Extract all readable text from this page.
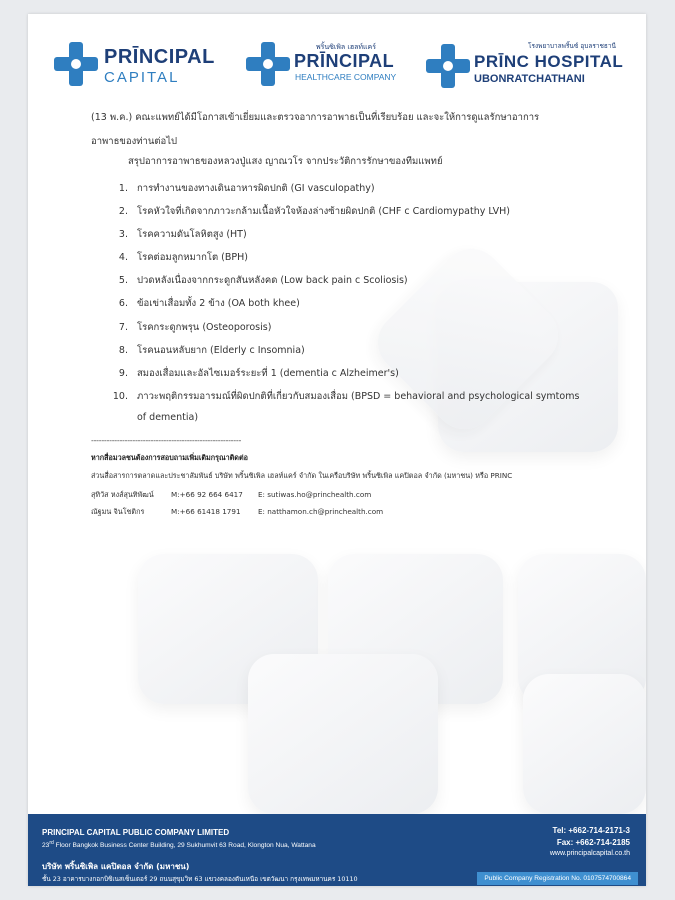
PRĪNCIPAL
CAPITAL
พริ้นซิเพิล เฮลท์แคร์
PRĪNCIPAL
HEALTHCARE COMPANY
โรงพยาบาลพริ้นซ์ อุบลราชธานี
PRĪNC HOSPITAL
UBONRATCHATHANI
(13 พ.ค.) คณะแพทย์ได้มีโอกาสเข้าเยี่ยมและตรวจอาการอาพาธเป็นที่เรียบร้อย และจะให้การดูแลรักษาอาการ
อาพาธของท่านต่อไป
สรุปอาการอาพาธของหลวงปู่แสง ญาณวโร จากประวัติการรักษาของทีมแพทย์
1. การทำงานของทางเดินอาหารผิดปกติ (GI vasculopathy)
2. โรคหัวใจที่เกิดจากภาวะกล้ามเนื้อหัวใจห้องล่างซ้ายผิดปกติ (CHF c Cardiomypathy LVH)
3. โรคความดันโลหิตสูง (HT)
4. โรคต่อมลูกหมากโต (BPH)
5. ปวดหลังเนื่องจากกระดูกสันหลังคด (Low back pain c Scoliosis)
6. ข้อเข่าเสื่อมทั้ง 2 ข้าง (OA both khee)
7. โรคกระดูกพรุน (Osteoporosis)
8. โรคนอนหลับยาก (Elderly c Insomnia)
9. สมองเสื่อมและอัลไซเมอร์ระยะที่ 1 (dementia c Alzheimer's)
10. ภาวะพฤติกรรมอารมณ์ที่ผิดปกติที่เกี่ยวกับสมองเสื่อม (BPSD = behavioral and psychological symtoms of dementia)
----------------------------------------------------------
หากสื่อมวลชนต้องการสอบถามเพิ่มเติมกรุณาติดต่อ
ส่วนสื่อสารการตลาดและประชาสัมพันธ์ บริษัท พริ้นซิเพิล เฮลท์แคร์ จำกัด ในเครือบริษัท พริ้นซิเพิล แคปิตอล จำกัด (มหาชน) หรือ PRINC
สุทิวัส หงส์สุนทิพัฒน์ M:+66 92 664 6417 E: sutiwas.ho@princhealth.com
ณัฐมน จินโชติกร	M:+66 61418 1791 E: natthamon.ch@princhealth.com
PRINCIPAL CAPITAL PUBLIC COMPANY LIMITED
23rd Floor Bangkok Business Center Building, 29 Sukhumvit 63 Road, Klongton Nua, Wattana
บริษัท พริ้นซิเพิล แคปิตอล จำกัด (มหาชน)
ชั้น 23 อาคารบางกอกบิซิเนสเซ็นเตอร์ 29 ถนนสุขุมวิท 63 แขวงคลองตันเหนือ เขตวัฒนา กรุงเทพมหานคร 10110
Tel: +662-714-2171-3
Fax: +662-714-2185
www.principalcapital.co.th
Public Company Registration No. 0107574700864
